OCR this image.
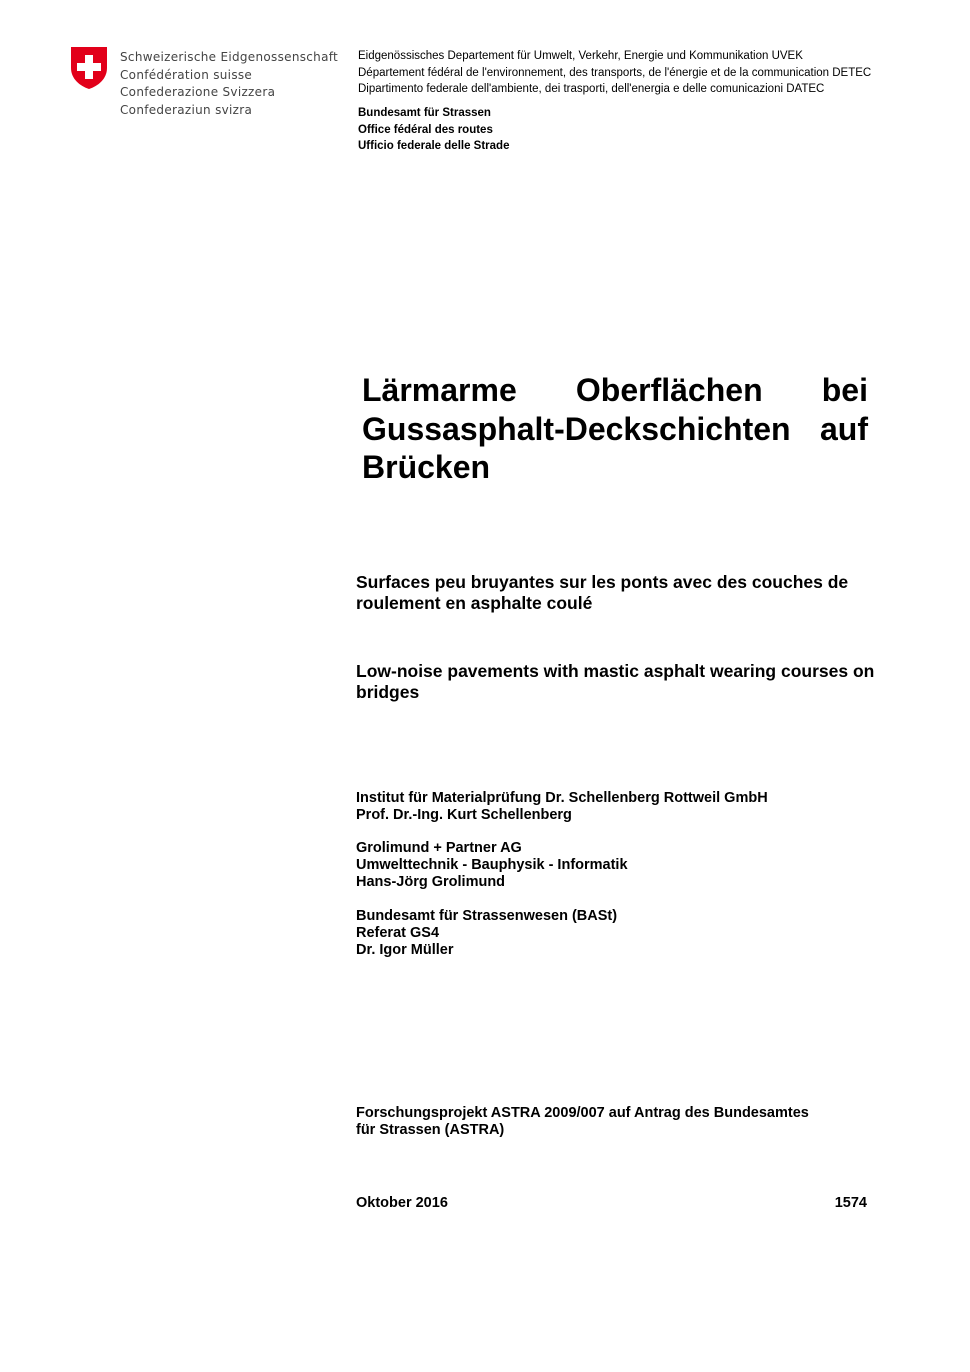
Schweizerische Eidgenossenschaft
Confédération suisse
Confederazione Svizzera
Confederaziun svizra
Eidgenössisches Departement für Umwelt, Verkehr, Energie und Kommunikation UVEK
Département fédéral de l'environnement, des transports, de l'énergie et de la communication DETEC
Dipartimento federale dell'ambiente, dei trasporti, dell'energia e delle comunicazioni DATEC
Bundesamt für Strassen
Office fédéral des routes
Ufficio federale delle Strade
Lärmarme Oberflächen bei
Gussasphalt-Deckschichten auf
Brücken
Surfaces peu bruyantes sur les ponts avec des couches de roulement en asphalte coulé
Low-noise pavements with mastic asphalt wearing courses on bridges
Institut für Materialprüfung Dr. Schellenberg Rottweil GmbH
Prof. Dr.-Ing. Kurt Schellenberg
Grolimund + Partner AG
Umwelttechnik - Bauphysik - Informatik
Hans-Jörg Grolimund
Bundesamt für Strassenwesen (BASt)
Referat GS4
Dr. Igor Müller
Forschungsprojekt ASTRA 2009/007 auf Antrag des Bundesamtes
für Strassen (ASTRA)
Oktober 2016	1574
